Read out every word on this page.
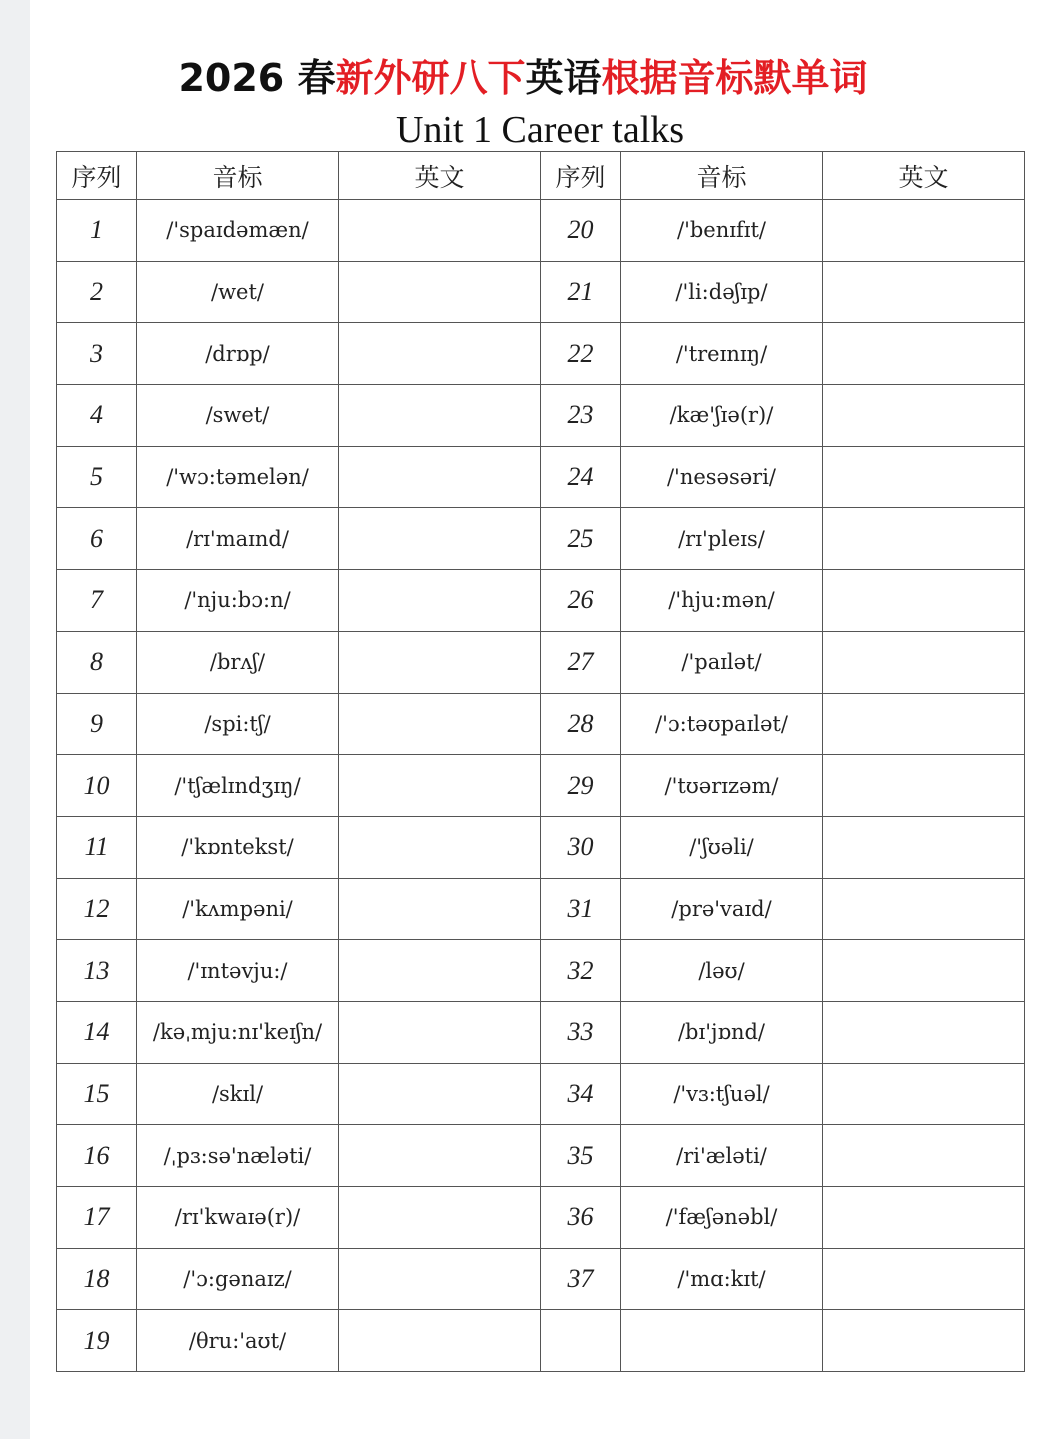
2026 春新外研八下英语根据音标默单词
Unit 1 Career talks
序列	音标	英文	序列	音标	英文
1	/'spaɪdəmæn/		20	/'benɪfɪt/	
2	/wet/		21	/'li:dəʃɪp/	
3	/drɒp/		22	/'treɪnɪŋ/	
4	/swet/		23	/kæ'ʃɪə(r)/	
5	/'wɔ:təmelən/		24	/'nesəsəri/	
6	/rɪ'maɪnd/		25	/rɪ'pleɪs/	
7	/'nju:bɔ:n/		26	/'hju:mən/	
8	/brʌʃ/		27	/'paɪlət/	
9	/spi:tʃ/		28	/'ɔ:təʊpaɪlət/	
10	/'tʃælɪndʒɪŋ/		29	/'tʊərɪzəm/	
11	/'kɒntekst/		30	/'ʃʊəli/	
12	/'kʌmpəni/		31	/prə'vaɪd/	
13	/'ɪntəvju:/		32	/ləʊ/	
14	/kəˌmju:nɪ'keɪʃn/		33	/bɪ'jɒnd/	
15	/skɪl/		34	/'vɜ:tʃuəl/	
16	/ˌpɜ:sə'næləti/		35	/ri'æləti/	
17	/rɪ'kwaɪə(r)/		36	/'fæʃənəbl/	
18	/'ɔ:gənaɪz/		37	/'mɑ:kɪt/	
19	/θru:'aʊt/				
